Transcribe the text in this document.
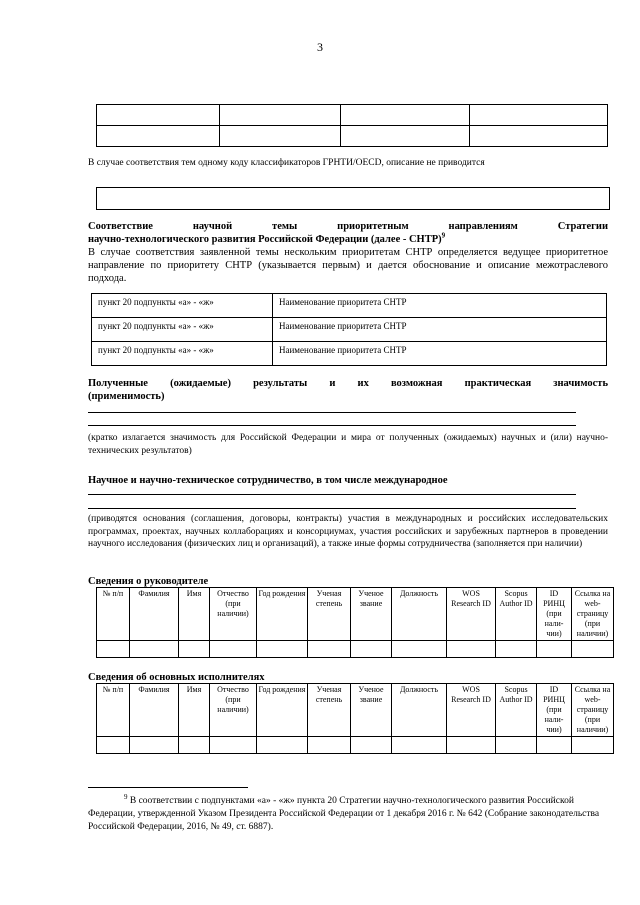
3

В случае соответствия тем одному коду классификаторов ГРНТИ/OECD, описание не приводится
Соответствие научной темы приоритетным направлениям Стратегии
научно-технологического развития Российской Федерации (далее - СНТР)$^9$
В случае соответствия заявленной темы нескольким приоритетам СНТР определяется ведущее приоритетное направление по приоритету СНТР (указывается первым) и дается обоснование и описание межотраслевого подхода.
пункт 20 подпункты «а» - «ж»	Наименование приоритета СНТР
пункт 20 подпункты «а» - «ж»	Наименование приоритета СНТР
пункт 20 подпункты «а» - «ж»	Наименование приоритета СНТР
Полученные (ожидаемые) результаты и их возможная практическая значимость
(применимость)
(кратко излагается значимость для Российской Федерации и мира от полученных (ожидаемых) научных и (или) научно-технических результатов)
Научное и научно-техническое сотрудничество, в том числе международное
(приводятся основания (соглашения, договоры, контракты) участия в международных и российских исследовательских программах, проектах, научных коллаборациях и консорциумах, участия российских и зарубежных партнеров в проведении научного исследования (физических лиц и организаций), а также иные формы сотрудничества (заполняется при наличии)
Сведения о руководителе
№ п/п	Фамилия	Имя	Отчество (при наличии)	Год рождения	Ученая степень	Ученое звание	Должность	WOS Research ID	Scopus Author ID	ID РИНЦ (при нали-чии)	Ссылка на web-страницу (при наличии)

Сведения об основных исполнителях
№ п/п	Фамилия	Имя	Отчество (при наличии)	Год рождения	Ученая степень	Ученое звание	Должность	WOS Research ID	Scopus Author ID	ID РИНЦ (при нали-чии)	Ссылка на web-страницу (при наличии)

$^9$ В соответствии с подпунктами «а» - «ж» пункта 20 Стратегии научно-технологического развития Российской Федерации, утвержденной Указом Президента Российской Федерации от 1 декабря 2016 г. № 642 (Собрание законодательства Российской Федерации, 2016, № 49, ст. 6887).
